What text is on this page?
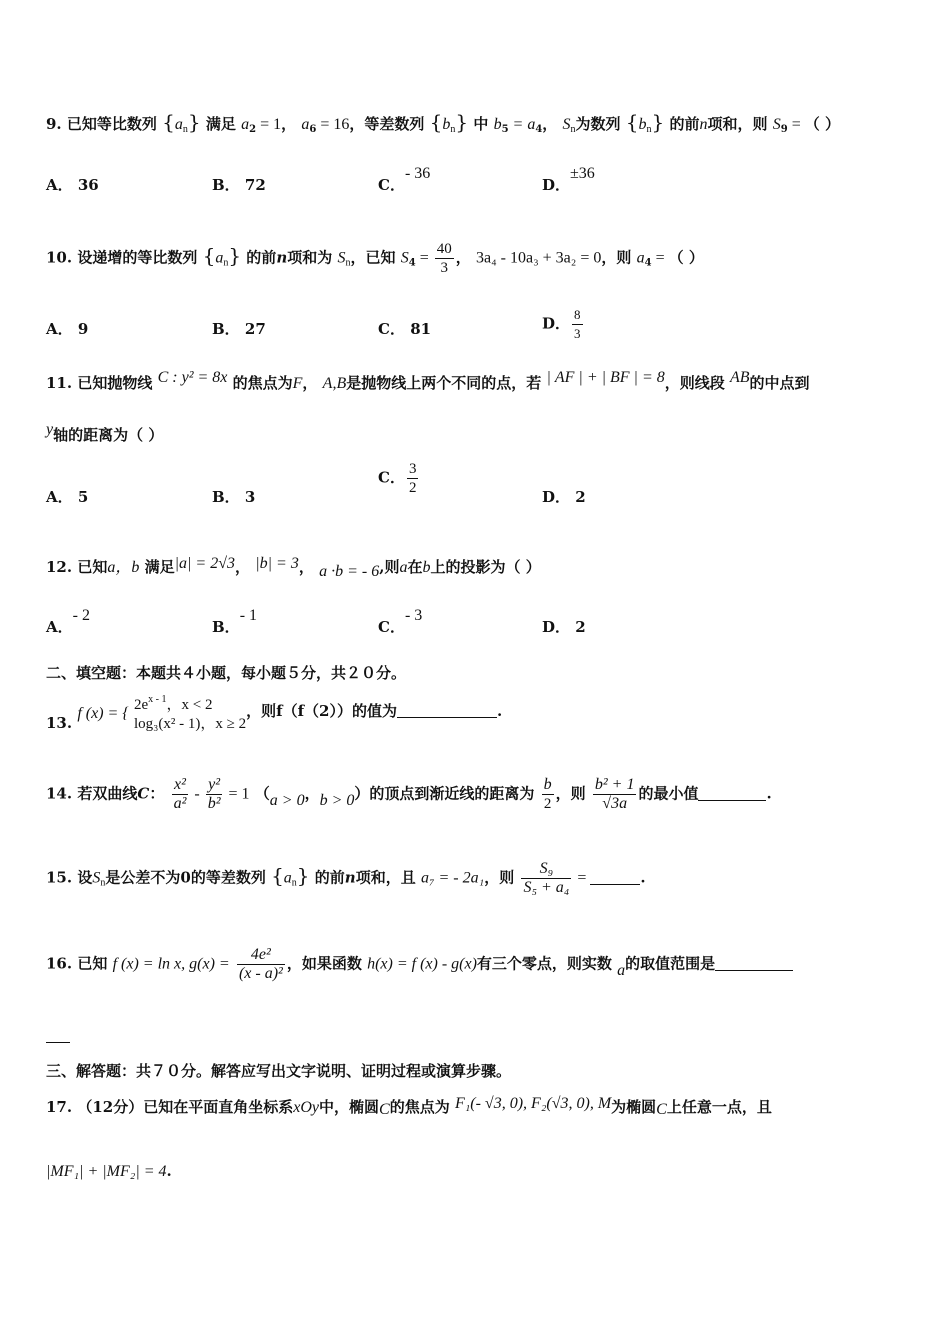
9. 已知等比数列 $\{a_n\}$ 满足 $a_2 = 1$， $a_6 = 16$，等差数列 $\{b_n\}$ 中 $b_5 = a_4$， $S_n$为数列 $\{b_n\}$ 的前n项和，则 $S_9$ = （ ）
A． 36	B． 72	C．- 36
D．±36
10. 设递增的等比数列 $\{a_n\}$ 的前n项和为 $S_n$，已知 $S_4 = \frac{40}{3}$ ， 3a₄ - 10a₃ + 3a₂ = 0，则 $a_4$ = （ ）
A． 9	B． 27	C． 81	D． $\frac{8}{3}$
11. 已知抛物线 C : y² = 8x 的焦点为F， A,B是抛物线上两个不同的点，若 | AF | + | BF | = 8，则线段 AB的中点到
y轴的距离为（ ）
A． 5	B． 3
C． $\frac{3}{2}$	D． 2
12. 已知a，b 满足|a| = 2√3， |b| = 3， a ·b = - 6,则a在b上的投影为（ ）
A．- 2
B．- 1
C．- 3
D． 2
二、填空题：本题共４小题，每小题５分，共２０分。
13. f (x) = { $2e^{x - 1}$，x < 2
log₃(x² - 1)，x ≥ 2
，则f（f（2））的值为	.
14. 若双曲线C： $\frac{\text{x²}}{\text{a²}} - \frac{\text{y²}}{\text{b²}} = 1$ （a > 0，b > 0）的顶点到渐近线的距离为 $\frac{b}{2}$ ，则 $\frac{\text{b² + 1}}{√3a}$ 的最小值	.
15. 设$S_n$是公差不为0的等差数列 $\{a_n\}$ 的前n项和，且 a₇ = - 2a₁，则 $\frac{\text{S₉}}{\text{S₅ + a₄}}$ =	.
16. 已知 f (x) = ln x, $g(x) = \frac{\text{4e²}}{\text{(x - a)²}}$ ，如果函数 h(x) = f (x) - g(x)有三个零点，则实数 a的取值范围是
三、解答题：共７０分。解答应写出文字说明、证明过程或演算步骤。
17. （12分）已知在平面直角坐标系xOy中，椭圆C的焦点为 F₁(- √3, 0), F₂(√3, 0), M为椭圆C上任意一点，且
|MF₁| + |MF₂| = 4.
